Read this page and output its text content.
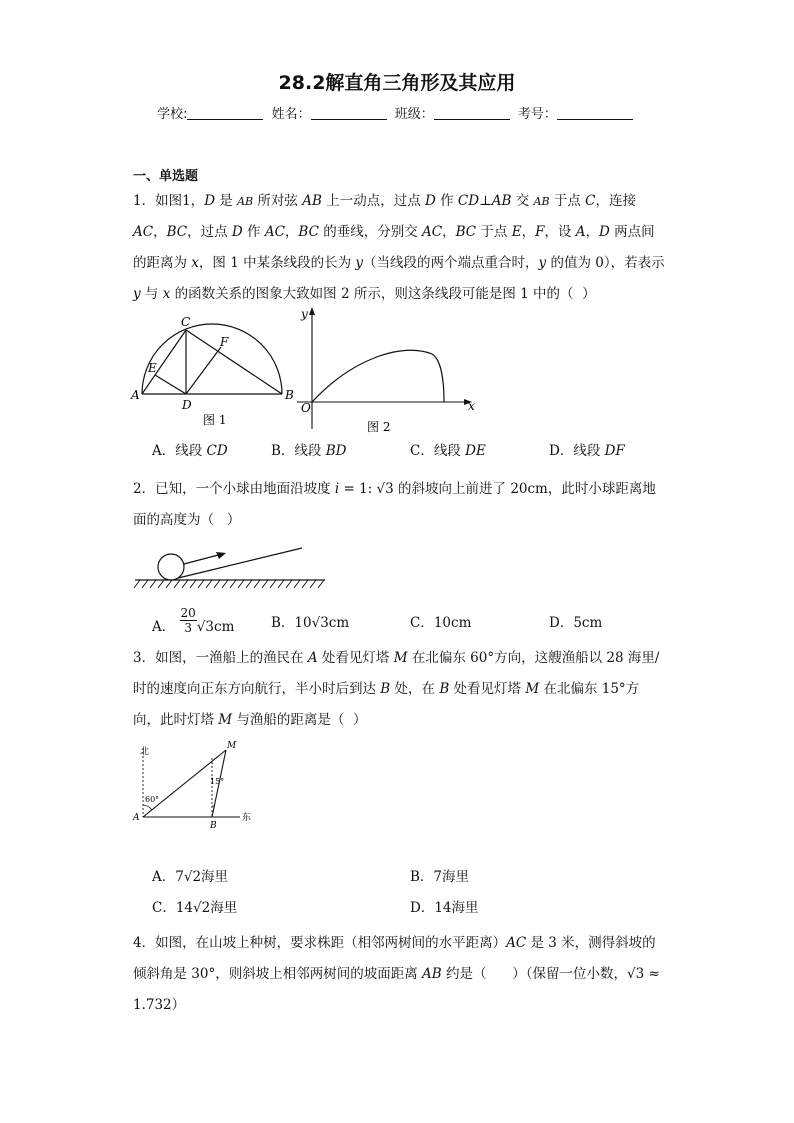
28.2解直角三角形及其应用
学校:	姓名：	班级：	考号：
一、单选题
1．如图1，D 是 AB 所对弦 AB 上一动点，过点 D 作 CD⊥AB 交 AB 于点 C，连接 AC，BC，过点 D 作 AC，BC 的垂线，分别交 AC，BC 于点 E，F，设 A，D 两点间的距离为 x，图 1 中某条线段的长为 y（当线段的两个端点重合时，y 的值为 0），若表示 y 与 x 的函数关系的图象大致如图 2 所示，则这条线段可能是图 1 中的（  ）
A	B
C
D
E
F
图 1
y
x
O
图 2
A．线段 CD	B．线段 BD	C．线段 DE	D．线段 DF
2．已知，一个小球由地面沿坡度 i = 1: √3 的斜坡向上前进了 20cm，此时小球距离地面的高度为（   ）
A． $\frac{20}{3} √3cm$	B．10√3cm	C．10cm	D．5cm
3．如图，一渔船上的渔民在 A 处看见灯塔 M 在北偏东 60°方向，这艘渔船以 28 海里/时的速度向正东方向航行，半小时后到达 B 处，在 B 处看见灯塔 M 在北偏东 15°方向，此时灯塔 M 与渔船的距离是（  ）
北
东
M
A
B
60°
15°
A．7√2海里	B．7海里
C．14√2海里	D．14海里
4．如图，在山坡上种树，要求株距（相邻两树间的水平距离）AC 是 3 米，测得斜坡的倾斜角是 30°，则斜坡上相邻两树间的坡面距离 AB 约是（      ）（保留一位小数，√3 ≈ 1.732）
